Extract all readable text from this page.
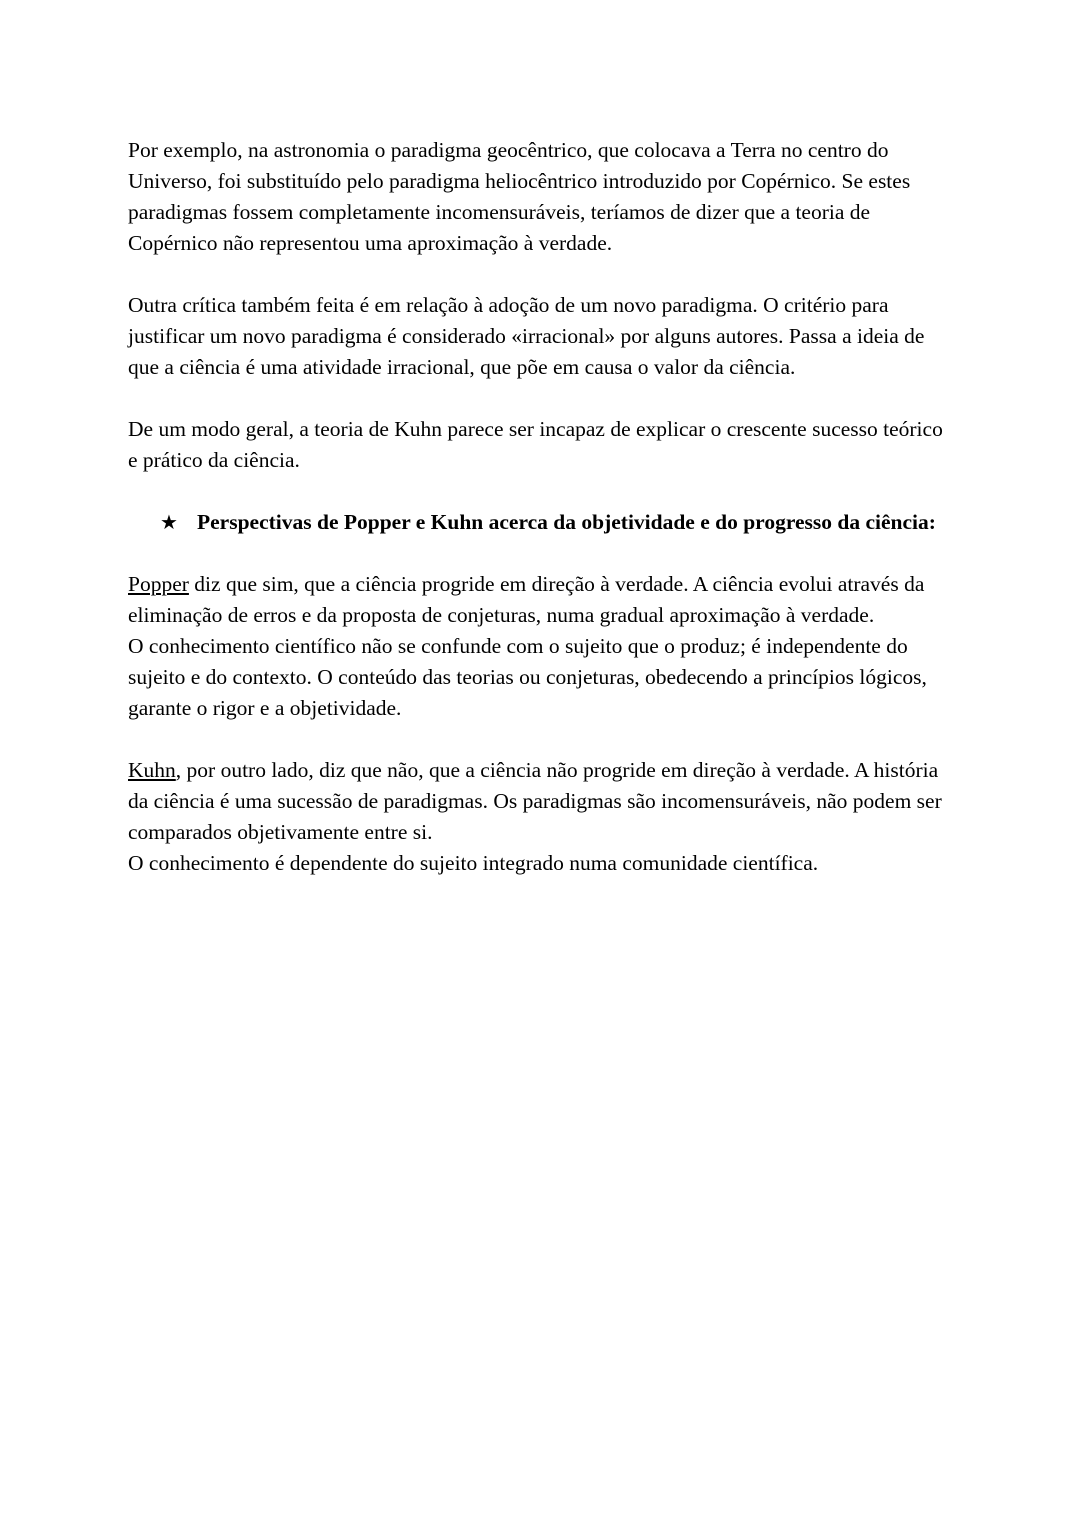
Por exemplo, na astronomia o paradigma geocêntrico, que colocava a Terra no centro do Universo, foi substituído pelo paradigma heliocêntrico introduzido por Copérnico. Se estes paradigmas fossem completamente incomensuráveis, teríamos de dizer que a teoria de Copérnico não representou uma aproximação à verdade.

Outra crítica também feita é em relação à adoção de um novo paradigma. O critério para justificar um novo paradigma é considerado «irracional» por alguns autores. Passa a ideia de que a ciência é uma atividade irracional, que põe em causa o valor da ciência.

De um modo geral, a teoria de Kuhn parece ser incapaz de explicar o crescente sucesso teórico e prático da ciência.

★ Perspectivas de Popper e Kuhn acerca da objetividade e do progresso da ciência:

Popper diz que sim, que a ciência progride em direção à verdade. A ciência evolui através da eliminação de erros e da proposta de conjeturas, numa gradual aproximação à verdade.
O conhecimento científico não se confunde com o sujeito que o produz; é independente do sujeito e do contexto. O conteúdo das teorias ou conjeturas, obedecendo a princípios lógicos, garante o rigor e a objetividade.

Kuhn, por outro lado, diz que não, que a ciência não progride em direção à verdade. A história da ciência é uma sucessão de paradigmas. Os paradigmas são incomensuráveis, não podem ser comparados objetivamente entre si.
O conhecimento é dependente do sujeito integrado numa comunidade científica.
